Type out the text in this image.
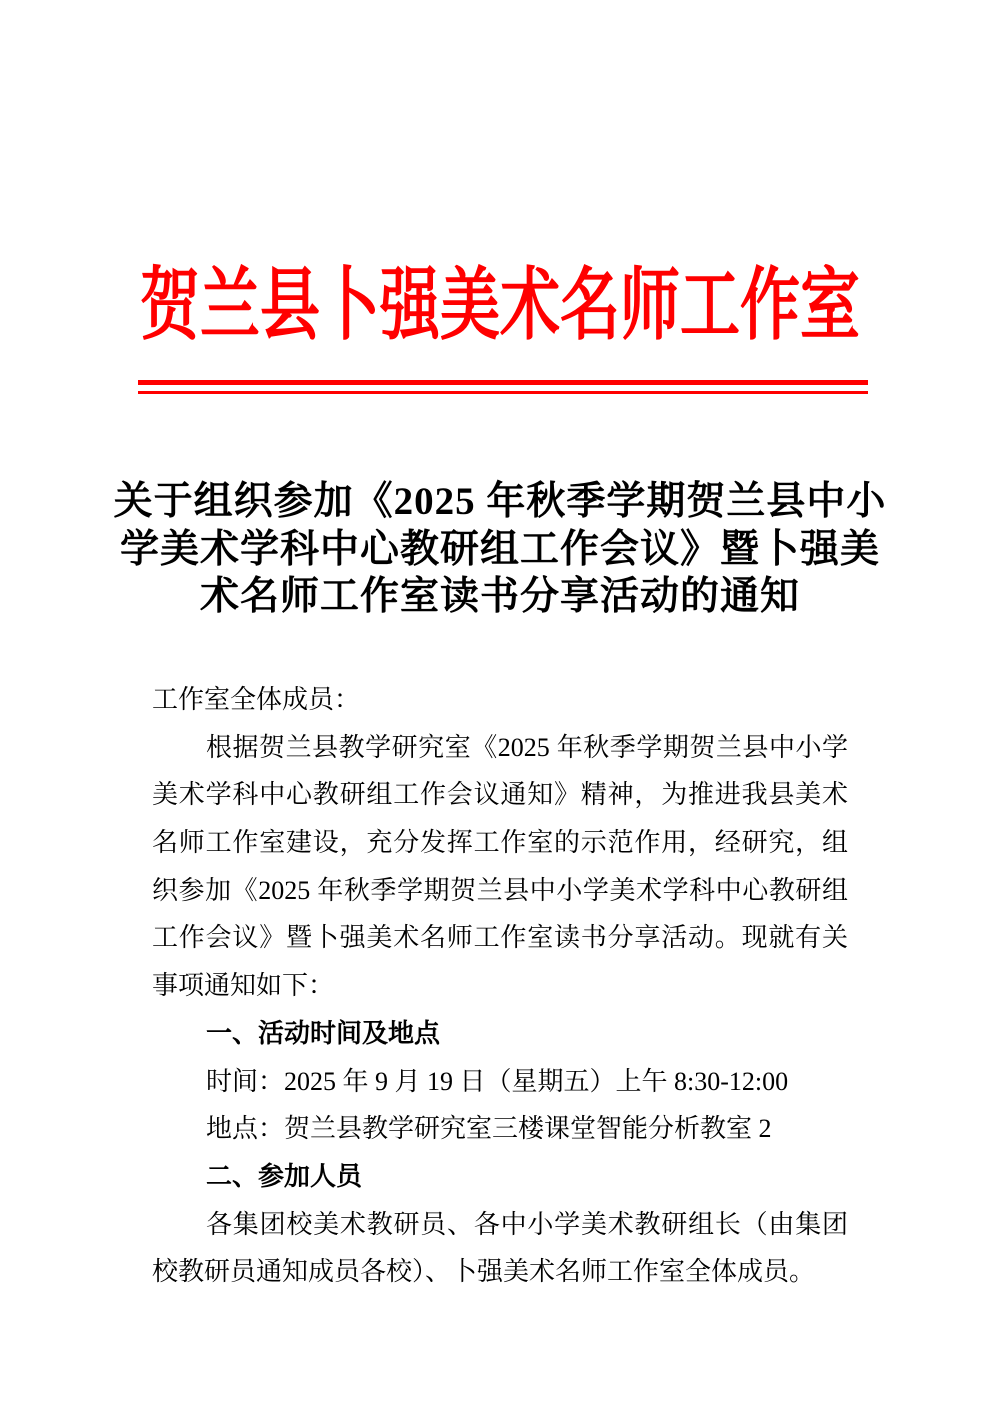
贺兰县卜强美术名师工作室
关于组织参加《2025 年秋季学期贺兰县中小
学美术学科中心教研组工作会议》暨卜强美
术名师工作室读书分享活动的通知
工作室全体成员：
根据贺兰县教学研究室《2025 年秋季学期贺兰县中小学
美术学科中心教研组工作会议通知》精神，为推进我县美术
名师工作室建设，充分发挥工作室的示范作用，经研究，组
织参加《2025 年秋季学期贺兰县中小学美术学科中心教研组
工作会议》暨卜强美术名师工作室读书分享活动。现就有关
事项通知如下：
一、活动时间及地点
时间：2025 年 9 月 19 日（星期五）上午 8:30-12:00
地点：贺兰县教学研究室三楼课堂智能分析教室 2
二、参加人员
各集团校美术教研员、各中小学美术教研组长（由集团
校教研员通知成员各校）、卜强美术名师工作室全体成员。
